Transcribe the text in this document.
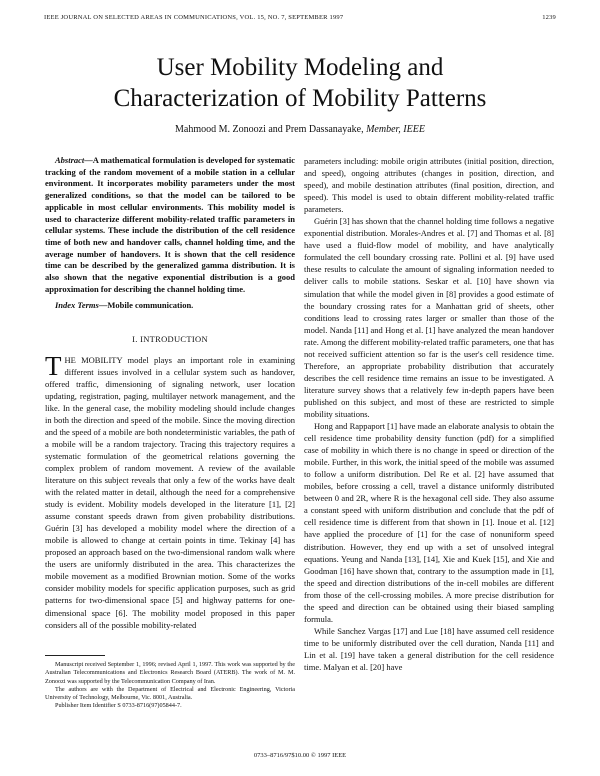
IEEE JOURNAL ON SELECTED AREAS IN COMMUNICATIONS, VOL. 15, NO. 7, SEPTEMBER 1997	1239
User Mobility Modeling and
Characterization of Mobility Patterns
Mahmood M. Zonoozi and Prem Dassanayake, Member, IEEE

Abstract—A mathematical formulation is developed for systematic tracking of the random movement of a mobile station in a cellular environment. It incorporates mobility parameters under the most generalized conditions, so that the model can be tailored to be applicable in most cellular environments. This mobility model is used to characterize different mobility-related traffic parameters in cellular systems. These include the distribution of the cell residence time of both new and handover calls, channel holding time, and the average number of handovers. It is shown that the cell residence time can be described by the generalized gamma distribution. It is also shown that the negative exponential distribution is a good approximation for describing the channel holding time.

Index Terms—Mobile communication.

I. INTRODUCTION

THE MOBILITY model plays an important role in examining different issues involved in a cellular system such as handover, offered traffic, dimensioning of signaling network, user location updating, registration, paging, multilayer network management, and the like. In the general case, the mobility modeling should include changes in both the direction and speed of the mobile. Since the moving direction and the speed of a mobile are both nondeterministic variables, the path of a mobile will be a random trajectory. Tracing this trajectory requires a systematic formulation of the geometrical relations governing the complex problem of random movement. A review of the available literature on this subject reveals that only a few of the works have dealt with the related matter in detail, although the need for a comprehensive study is evident. Mobility models developed in the literature [1], [2] assume constant speeds drawn from given probability distributions. Guérin [3] has developed a mobility model where the direction of a mobile is allowed to change at certain points in time. Tekinay [4] has proposed an approach based on the two-dimensional random walk where the users are uniformly distributed in the area. This characterizes the mobile movement as a modified Brownian motion. Some of the works consider mobility models for specific application purposes, such as grid patterns for two-dimensional space [5] and highway patterns for one-dimensional space [6]. The mobility model proposed in this paper considers all of the possible mobility-related

Manuscript received September 1, 1996; revised April 1, 1997. This work was supported by the Australian Telecommunications and Electronics Research Board (ATERB). The work of M. M. Zonoozi was supported by the Telecommunication Company of Iran.

The authors are with the Department of Electrical and Electronic Engineering, Victoria University of Technology, Melbourne, Vic. 8001, Australia.

Publisher Item Identifier S 0733-8716(97)05844-7.

parameters including: mobile origin attributes (initial position, direction, and speed), ongoing attributes (changes in position, direction, and speed), and mobile destination attributes (final position, direction, and speed). This model is used to obtain different mobility-related traffic parameters.

Guérin [3] has shown that the channel holding time follows a negative exponential distribution. Morales-Andres et al. [7] and Thomas et al. [8] have used a fluid-flow model of mobility, and have analytically formulated the cell boundary crossing rate. Pollini et al. [9] have used these results to calculate the amount of signaling information needed to deliver calls to mobile stations. Seskar et al. [10] have shown via simulation that while the model given in [8] provides a good estimate of the boundary crossing rates for a Manhattan grid of sheets, other conditions lead to crossing rates larger or smaller than those of the model. Nanda [11] and Hong et al. [1] have analyzed the mean handover rate. Among the different mobility-related traffic parameters, one that has not received sufficient attention so far is the user's cell residence time. Therefore, an appropriate probability distribution that accurately describes the cell residence time remains an issue to be investigated. A literature survey shows that a relatively few in-depth papers have been published on this subject, and most of these are restricted to simple mobility situations.

Hong and Rappaport [1] have made an elaborate analysis to obtain the cell residence time probability density function (pdf) for a simplified case of mobility in which there is no change in speed or direction of the mobile. Further, in this work, the initial speed of the mobile was assumed to follow a uniform distribution. Del Re et al. [2] have assumed that mobiles, before crossing a cell, travel a distance uniformly distributed between 0 and 2R, where R is the hexagonal cell side. They also assume a constant speed with uniform distribution and conclude that the pdf of cell residence time is different from that shown in [1]. Inoue et al. [12] have applied the procedure of [1] for the case of nonuniform speed distribution. However, they end up with a set of unsolved integral equations. Yeung and Nanda [13], [14], Xie and Kuek [15], and Xie and Goodman [16] have shown that, contrary to the assumption made in [1], the speed and direction distributions of the in-cell mobiles are different from those of the cell-crossing mobiles. A more precise distribution for the speed and direction can be obtained using their biased sampling formula.

While Sanchez Vargas [17] and Lue [18] have assumed cell residence time to be uniformly distributed over the cell duration, Nanda [11] and Lin et al. [19] have taken a general distribution for the cell residence time. Malyan et al. [20] have

0733–8716/97$10.00 © 1997 IEEE
